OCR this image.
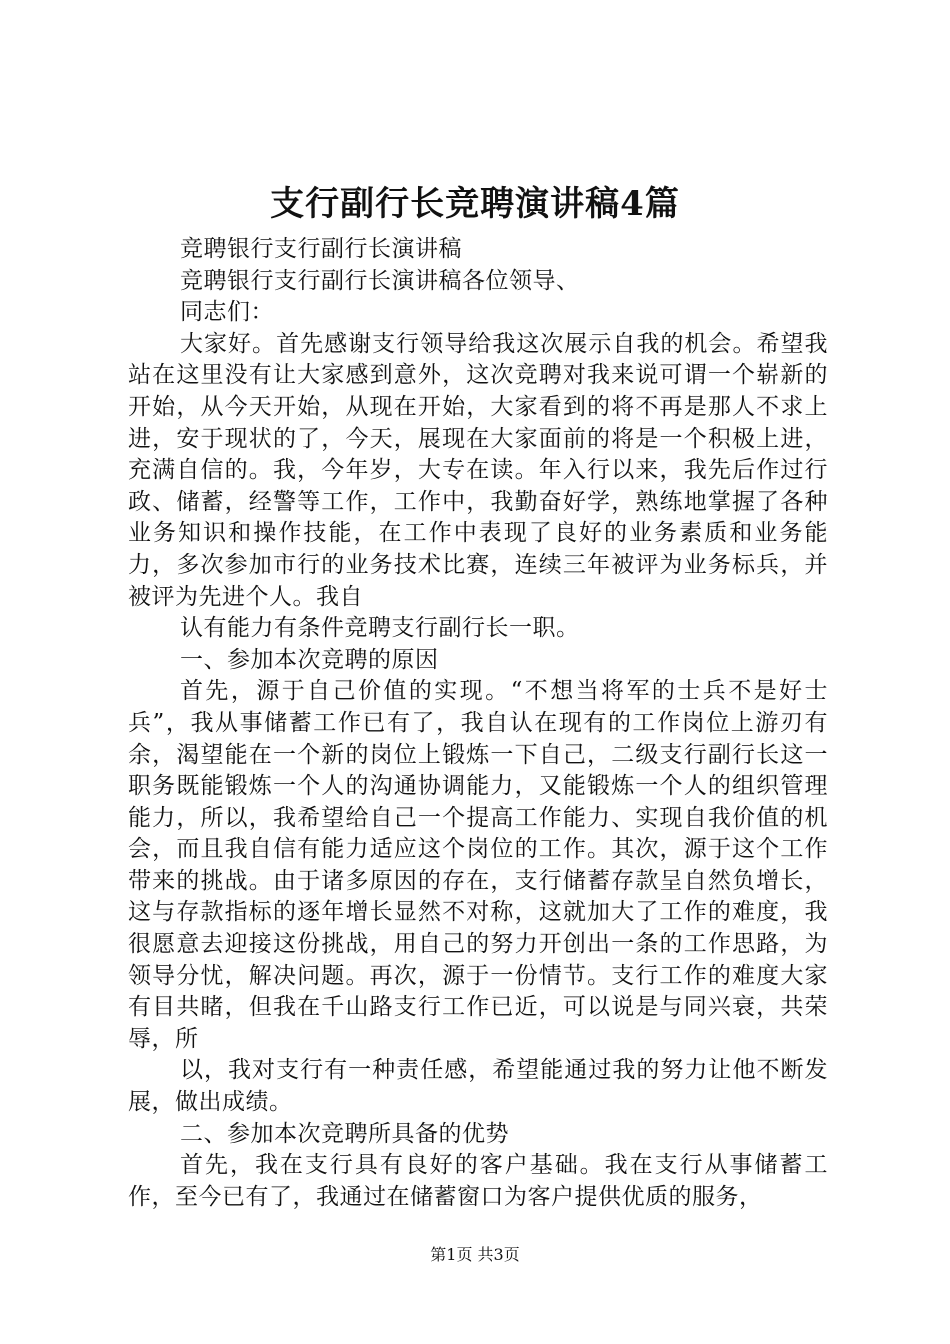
支行副行长竞聘演讲稿4篇

竞聘银行支行副行长演讲稿

竞聘银行支行副行长演讲稿各位领导、

同志们：

大家好。首先感谢支行领导给我这次展示自我的机会。希望我站在这里没有让大家感到意外，这次竞聘对我来说可谓一个崭新的开始，从今天开始，从现在开始，大家看到的将不再是那人不求上进，安于现状的了，今天，展现在大家面前的将是一个积极上进，充满自信的。我，今年岁，大专在读。年入行以来，我先后作过行政、储蓄，经警等工作，工作中，我勤奋好学，熟练地掌握了各种业务知识和操作技能，在工作中表现了良好的业务素质和业务能力，多次参加市行的业务技术比赛，连续三年被评为业务标兵，并被评为先进个人。我自

认有能力有条件竞聘支行副行长一职。

一、参加本次竞聘的原因

首先，源于自己价值的实现。“不想当将军的士兵不是好士兵”，我从事储蓄工作已有了，我自认在现有的工作岗位上游刃有余，渴望能在一个新的岗位上锻炼一下自己，二级支行副行长这一职务既能锻炼一个人的沟通协调能力，又能锻炼一个人的组织管理能力，所以，我希望给自己一个提高工作能力、实现自我价值的机会，而且我自信有能力适应这个岗位的工作。其次，源于这个工作带来的挑战。由于诸多原因的存在，支行储蓄存款呈自然负增长，这与存款指标的逐年增长显然不对称，这就加大了工作的难度，我很愿意去迎接这份挑战，用自己的努力开创出一条的工作思路，为领导分忧，解决问题。再次，源于一份情节。支行工作的难度大家有目共睹，但我在千山路支行工作已近，可以说是与同兴衰，共荣辱，所

以，我对支行有一种责任感，希望能通过我的努力让他不断发展，做出成绩。

二、参加本次竞聘所具备的优势

首先，我在支行具有良好的客户基础。我在支行从事储蓄工作，至今已有了，我通过在储蓄窗口为客户提供优质的服务，

第1页 共3页
